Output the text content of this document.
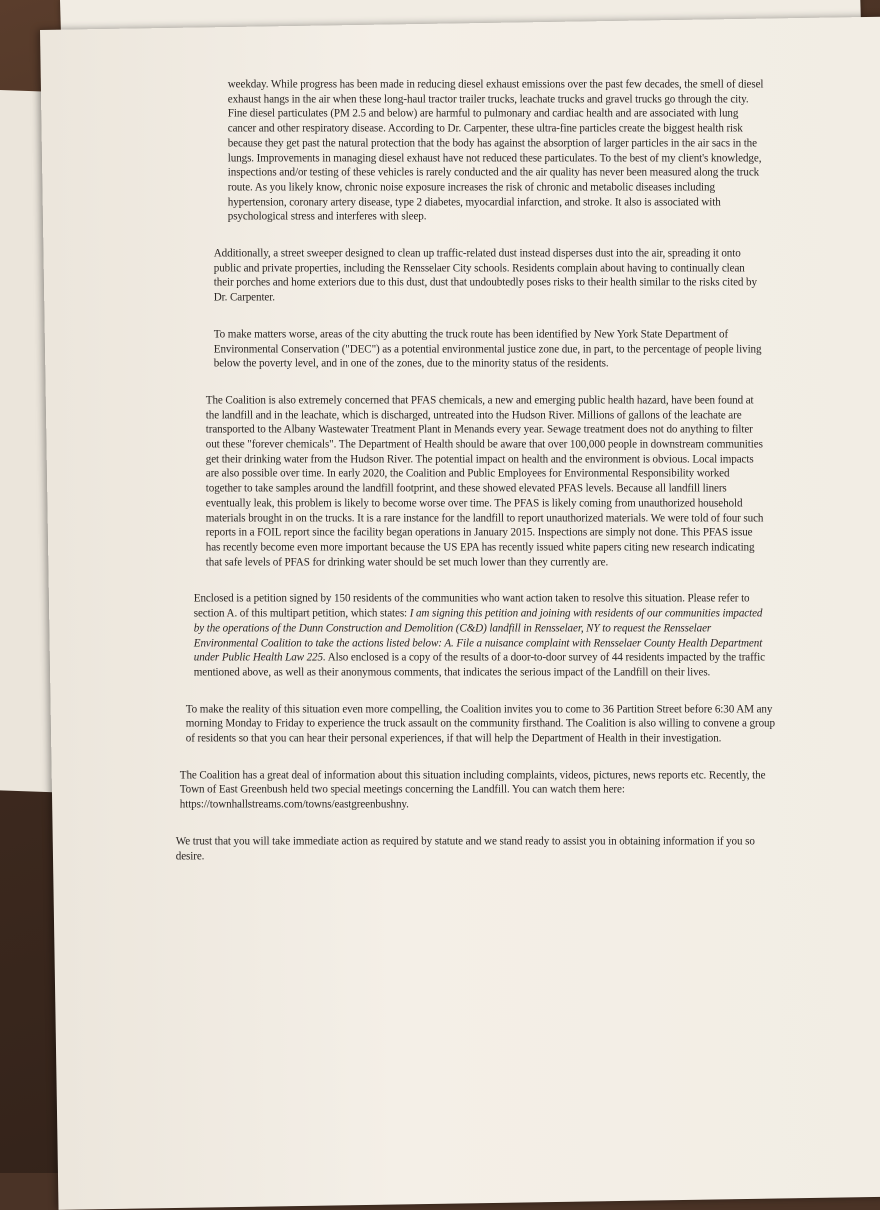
weekday. While progress has been made in reducing diesel exhaust emissions over the past few decades, the smell of diesel exhaust hangs in the air when these long-haul tractor trailer trucks, leachate trucks and gravel trucks go through the city. Fine diesel particulates (PM 2.5 and below) are harmful to pulmonary and cardiac health and are associated with lung cancer and other respiratory disease. According to Dr. Carpenter, these ultra-fine particles create the biggest health risk because they get past the natural protection that the body has against the absorption of larger particles in the air sacs in the lungs. Improvements in managing diesel exhaust have not reduced these particulates. To the best of my client's knowledge, inspections and/or testing of these vehicles is rarely conducted and the air quality has never been measured along the truck route. As you likely know, chronic noise exposure increases the risk of chronic and metabolic diseases including hypertension, coronary artery disease, type 2 diabetes, myocardial infarction, and stroke. It also is associated with psychological stress and interferes with sleep.

Additionally, a street sweeper designed to clean up traffic-related dust instead disperses dust into the air, spreading it onto public and private properties, including the Rensselaer City schools. Residents complain about having to continually clean their porches and home exteriors due to this dust, dust that undoubtedly poses risks to their health similar to the risks cited by Dr. Carpenter.

To make matters worse, areas of the city abutting the truck route has been identified by New York State Department of Environmental Conservation ("DEC") as a potential environmental justice zone due, in part, to the percentage of people living below the poverty level, and in one of the zones, due to the minority status of the residents.

The Coalition is also extremely concerned that PFAS chemicals, a new and emerging public health hazard, have been found at the landfill and in the leachate, which is discharged, untreated into the Hudson River. Millions of gallons of the leachate are transported to the Albany Wastewater Treatment Plant in Menands every year. Sewage treatment does not do anything to filter out these "forever chemicals". The Department of Health should be aware that over 100,000 people in downstream communities get their drinking water from the Hudson River. The potential impact on health and the environment is obvious. Local impacts are also possible over time. In early 2020, the Coalition and Public Employees for Environmental Responsibility worked together to take samples around the landfill footprint, and these showed elevated PFAS levels. Because all landfill liners eventually leak, this problem is likely to become worse over time. The PFAS is likely coming from unauthorized household materials brought in on the trucks. It is a rare instance for the landfill to report unauthorized materials. We were told of four such reports in a FOIL report since the facility began operations in January 2015. Inspections are simply not done. This PFAS issue has recently become even more important because the US EPA has recently issued white papers citing new research indicating that safe levels of PFAS for drinking water should be set much lower than they currently are.

Enclosed is a petition signed by 150 residents of the communities who want action taken to resolve this situation. Please refer to section A. of this multipart petition, which states: I am signing this petition and joining with residents of our communities impacted by the operations of the Dunn Construction and Demolition (C&D) landfill in Rensselaer, NY to request the Rensselaer Environmental Coalition to take the actions listed below: A. File a nuisance complaint with Rensselaer County Health Department under Public Health Law 225. Also enclosed is a copy of the results of a door-to-door survey of 44 residents impacted by the traffic mentioned above, as well as their anonymous comments, that indicates the serious impact of the Landfill on their lives.

To make the reality of this situation even more compelling, the Coalition invites you to come to 36 Partition Street before 6:30 AM any morning Monday to Friday to experience the truck assault on the community firsthand. The Coalition is also willing to convene a group of residents so that you can hear their personal experiences, if that will help the Department of Health in their investigation.

The Coalition has a great deal of information about this situation including complaints, videos, pictures, news reports etc. Recently, the Town of East Greenbush held two special meetings concerning the Landfill. You can watch them here: https://townhallstreams.com/towns/eastgreenbushny.

We trust that you will take immediate action as required by statute and we stand ready to assist you in obtaining information if you so desire.
